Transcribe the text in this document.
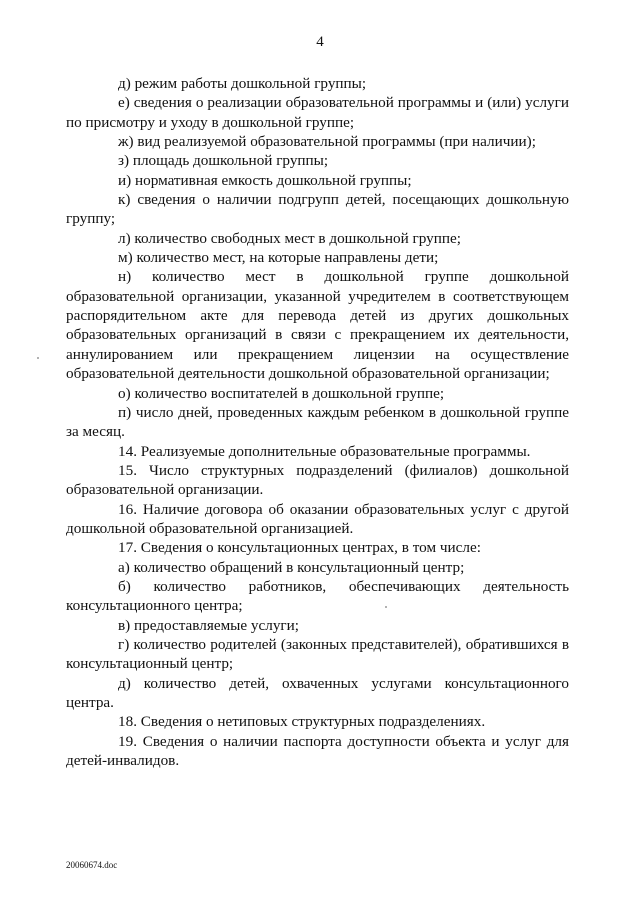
4

д) режим работы дошкольной группы;

е) сведения о реализации образовательной программы и (или) услуги по присмотру и уходу в дошкольной группе;

ж) вид реализуемой образовательной программы (при наличии);

з) площадь дошкольной группы;

и) нормативная емкость дошкольной группы;

к) сведения о наличии подгрупп детей, посещающих дошкольную группу;

л) количество свободных мест в дошкольной группе;

м) количество мест, на которые направлены дети;

н) количество мест в дошкольной группе дошкольной образовательной организации, указанной учредителем в соответствующем распорядительном акте для перевода детей из других дошкольных образовательных организаций в связи с прекращением их деятельности, аннулированием или прекращением лицензии на осуществление образовательной деятельности дошкольной образовательной организации;

о) количество воспитателей в дошкольной группе;

п) число дней, проведенных каждым ребенком в дошкольной группе за месяц.

14. Реализуемые дополнительные образовательные программы.

15. Число структурных подразделений (филиалов) дошкольной образовательной организации.

16. Наличие договора об оказании образовательных услуг с другой дошкольной образовательной организацией.

17. Сведения о консультационных центрах, в том числе:

а) количество обращений в консультационный центр;

б) количество работников, обеспечивающих деятельность консультационного центра;

в) предоставляемые услуги;

г) количество родителей (законных представителей), обратившихся в консультационный центр;

д) количество детей, охваченных услугами консультационного центра.

18. Сведения о нетиповых структурных подразделениях.

19. Сведения о наличии паспорта доступности объекта и услуг для детей-инвалидов.

20060674.doc
